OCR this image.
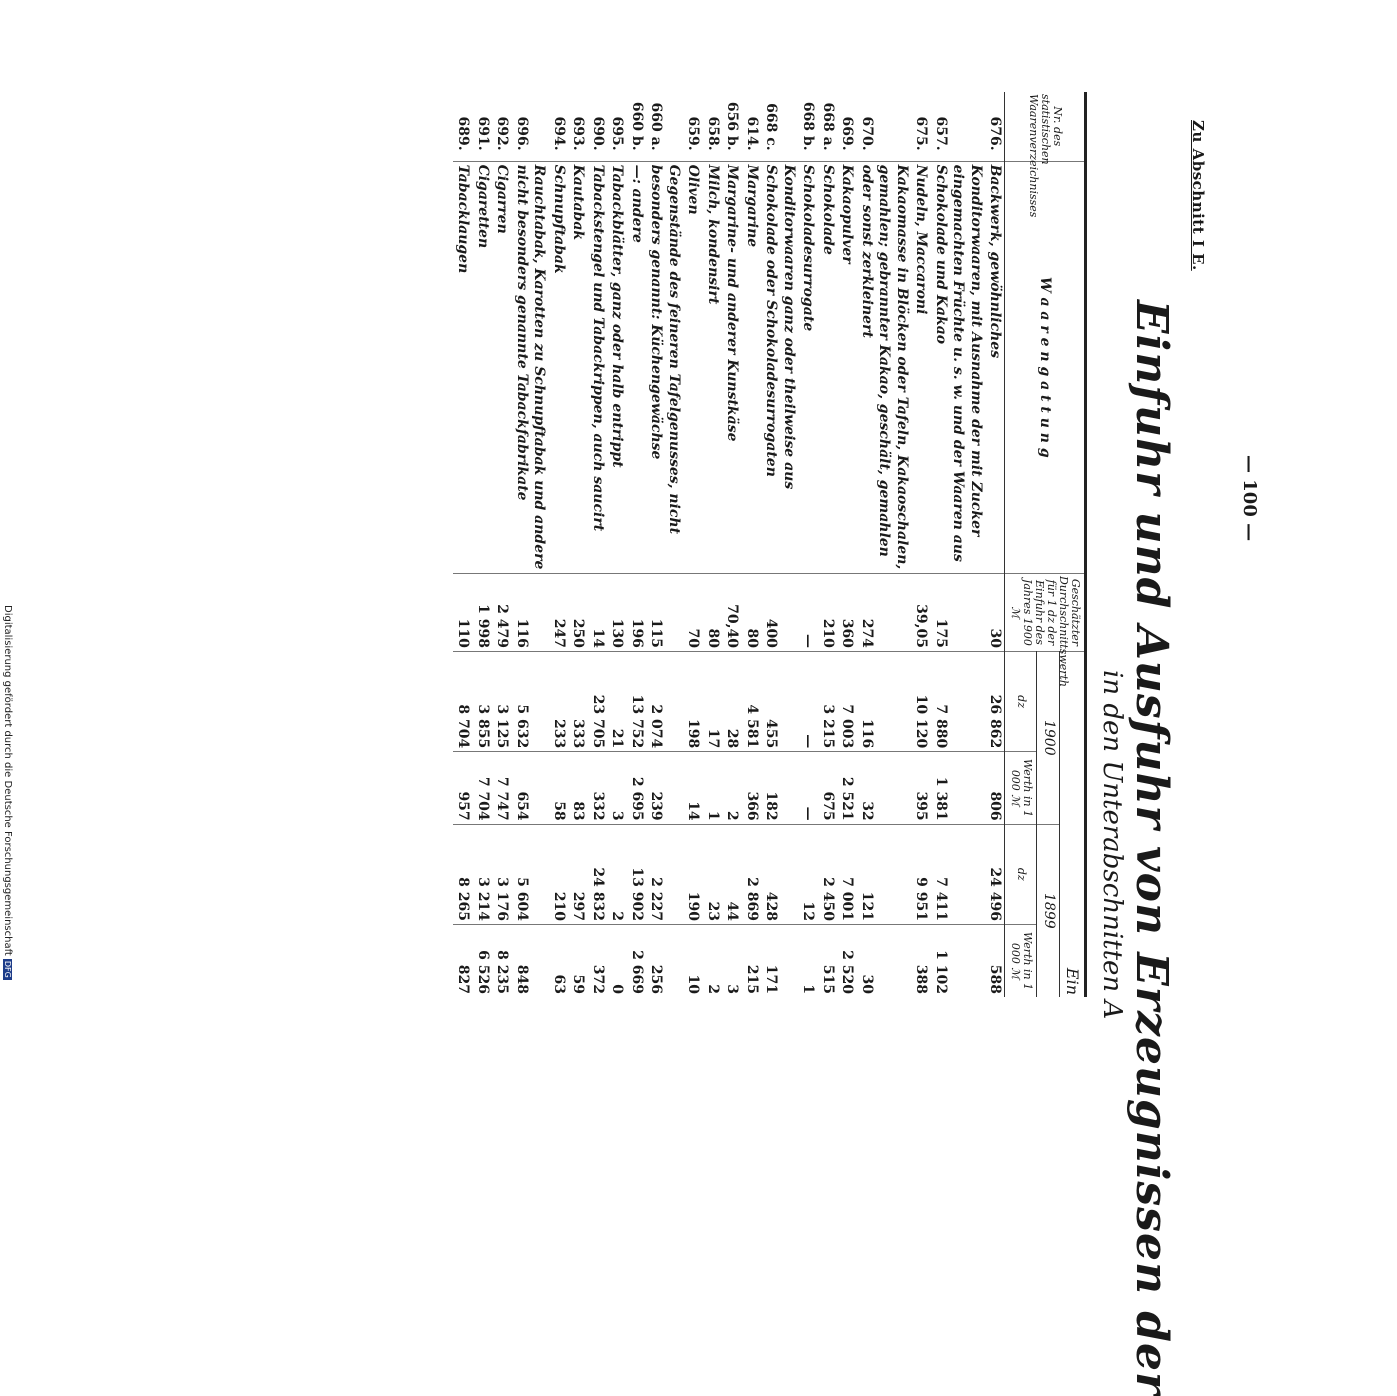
Zu Abschnitt I E.
— 100 —
Einfuhr und Ausfuhr von Erzeugnissen der
in den Unterabschnitten A
Nr. des statistischen Waarenverzeichnisses	W a a r e n g a t t u n g	Geschätzter Durchschnittswerth für 1 dz der Einfuhr des Jahres 1900 ℳ	Ein			
			1900		1899	
			dz	Werth in 1 000 ℳ	dz	Werth in 1 000 ℳ
676.	Backwerk, gewöhnliches	30	26 862	806	24 496	588
657.	Konditorwaaren, mit Ausnahme der mit Zucker eingemachten Früchte u. s. w. und der Waaren aus Schokolade und Kakao	175	7 880	1 381	7 411	1 102
675.	Nudeln, Maccaroni	39,05	10 120	395	9 951	388
670.	Kakaomasse in Blöcken oder Tafeln, Kakaoschalen, gemahlen; gebrannter Kakao, geschält, gemahlen oder sonst zerkleinert	274	116	32	121	30
669.	Kakaopulver	360	7 003	2 521	7 001	2 520
668 a.	Schokolade	210	3 215	675	2 450	515
668 b.	Schokoladesurrogate	—	—	—	12	1
668 c.	Konditorwaaren ganz oder theilweise aus Schokolade oder Schokoladesurrogaten	400	455	182	428	171
614.	Margarine	80	4 581	366	2 869	215
656 b.	Margarine- und anderer Kunstkäse	70,40	28	2	44	3
658.	Milch, kondensirt	80	17	1	23	2
659.	Oliven	70	198	14	190	10
660 a.	Gegenstände des feineren Tafelgenusses, nicht besonders genannt: Küchengewächse	115	2 074	239	2 227	256
660 b.	—: andere	196	13 752	2 695	13 902	2 669
695.	Tabackblätter, ganz oder halb entrippt	130	21	3	2	0
690.	Tabackstengel und Tabackrippen, auch saucirt	14	23 705	332	24 832	372
693.	Kautabak	250	333	83	297	59
694.	Schnupftabak	247	233	58	210	63
696.	Rauchtabak, Karotten zu Schnupftabak und andere nicht besonders genannte Tabackfabrikate	116	5 632	654	5 604	848
692.	Cigarren	2 479	3 125	7 747	3 176	8 235
691.	Cigaretten	1 998	3 855	7 704	3 214	6 526
689.	Tabacklaugen	110	8 704	957	8 265	827
Digitalisierung gefördert durch die Deutsche ForschungsgemeinschaftDFG
